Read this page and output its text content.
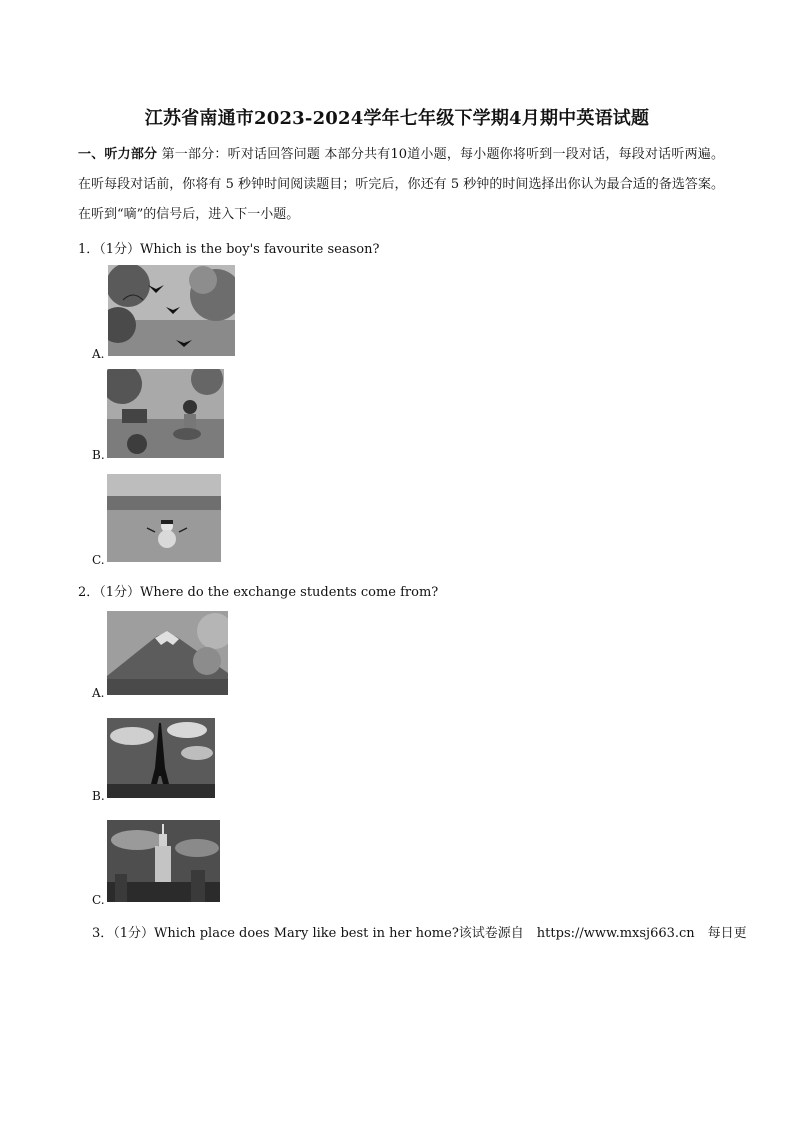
江苏省南通市2023-2024学年七年级下学期4月期中英语试题
一、听力部分 第一部分：听对话回答问题 本部分共有10道小题，每小题你将听到一段对话，每段对话听两遍。在听每段对话前，你将有 5 秒钟时间阅读题目；听完后，你还有 5 秒钟的时间选择出你认为最合适的备选答案。在听到“嘀”的信号后，进入下一小题。
1．（1分）Which is the boy's favourite season?
A.
B.
C.
2．（1分）Where do the exchange students come from?
A.
B.
C.
3．（1分）Which place does Mary like best in her home?该试卷源自　https://www.mxsj663.cn　每日更
